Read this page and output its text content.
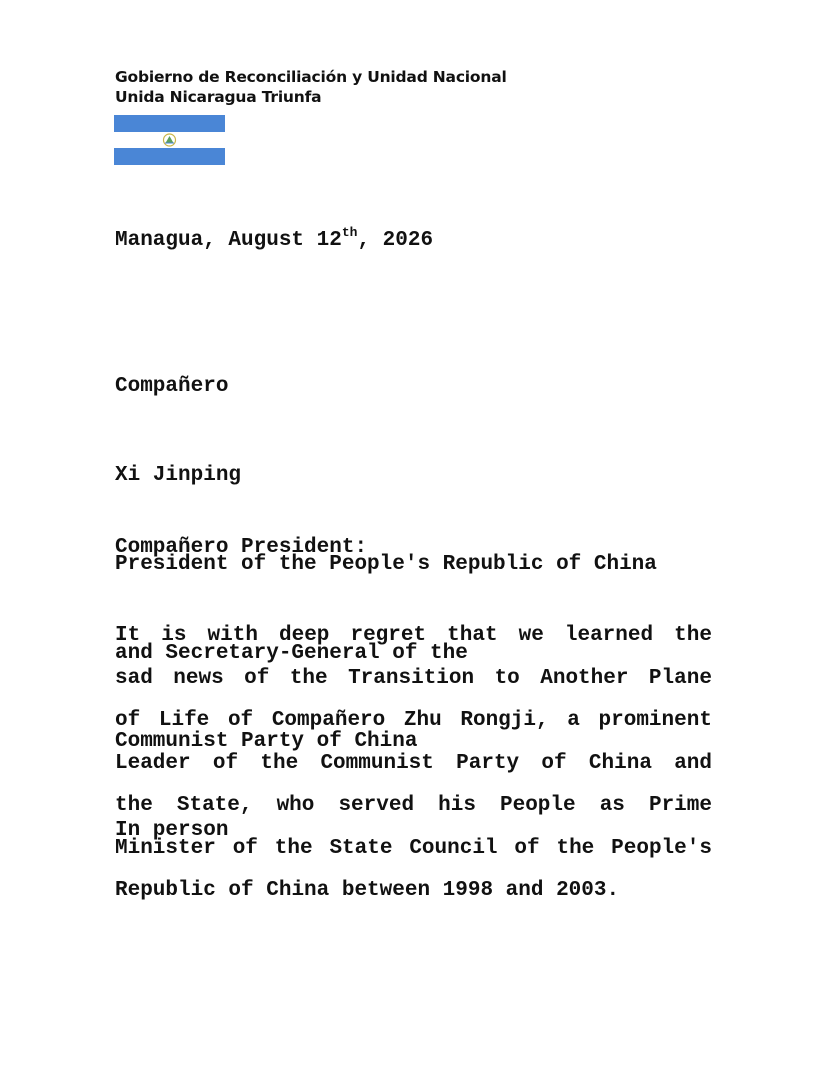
Gobierno de Reconciliación y Unidad Nacional
Unida Nicaragua Triunfa
Managua, August 12th, 2026

Compañero

Xi Jinping

President of the People's Republic of China

and Secretary-General of the

Communist Party of China

In person

Compañero President:
It is with deep regret that we learned the
sad news of the Transition to Another Plane
of Life of Compañero Zhu Rongji, a prominent
Leader of the Communist Party of China and
the State, who served his People as Prime
Minister of the State Council of the People's
Republic of China between 1998 and 2003.
